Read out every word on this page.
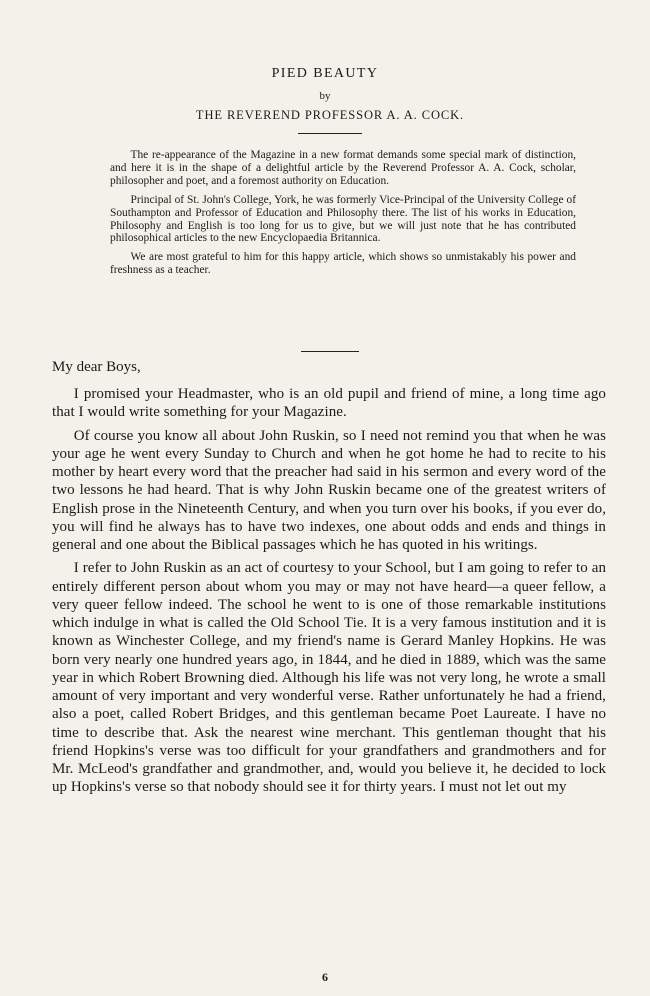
PIED BEAUTY
by
THE REVEREND PROFESSOR A. A. COCK.

The re-appearance of the Magazine in a new format demands some special mark of distinction, and here it is in the shape of a delightful article by the Reverend Professor A. A. Cock, scholar, philosopher and poet, and a foremost authority on Education.

Principal of St. John's College, York, he was formerly Vice-Principal of the University College of Southampton and Professor of Education and Philosophy there. The list of his works in Education, Philosophy and English is too long for us to give, but we will just note that he has contributed philosophical articles to the new Encyclopaedia Britannica.

We are most grateful to him for this happy article, which shows so unmistakably his power and freshness as a teacher.

My dear Boys,

I promised your Headmaster, who is an old pupil and friend of mine, a long time ago that I would write something for your Magazine.

Of course you know all about John Ruskin, so I need not remind you that when he was your age he went every Sunday to Church and when he got home he had to recite to his mother by heart every word that the preacher had said in his sermon and every word of the two lessons he had heard. That is why John Ruskin became one of the greatest writers of English prose in the Nineteenth Century, and when you turn over his books, if you ever do, you will find he always has to have two indexes, one about odds and ends and things in general and one about the Biblical passages which he has quoted in his writings.

I refer to John Ruskin as an act of courtesy to your School, but I am going to refer to an entirely different person about whom you may or may not have heard—a queer fellow, a very queer fellow indeed. The school he went to is one of those remarkable institutions which indulge in what is called the Old School Tie. It is a very famous institution and it is known as Winchester College, and my friend's name is Gerard Manley Hopkins. He was born very nearly one hundred years ago, in 1844, and he died in 1889, which was the same year in which Robert Browning died. Although his life was not very long, he wrote a small amount of very important and very wonderful verse. Rather unfortunately he had a friend, also a poet, called Robert Bridges, and this gentleman became Poet Laureate. I have no time to describe that. Ask the nearest wine merchant. This gentleman thought that his friend Hopkins's verse was too difficult for your grandfathers and grandmothers and for Mr. McLeod's grandfather and grandmother, and, would you believe it, he decided to lock up Hopkins's verse so that nobody should see it for thirty years. I must not let out my

6
